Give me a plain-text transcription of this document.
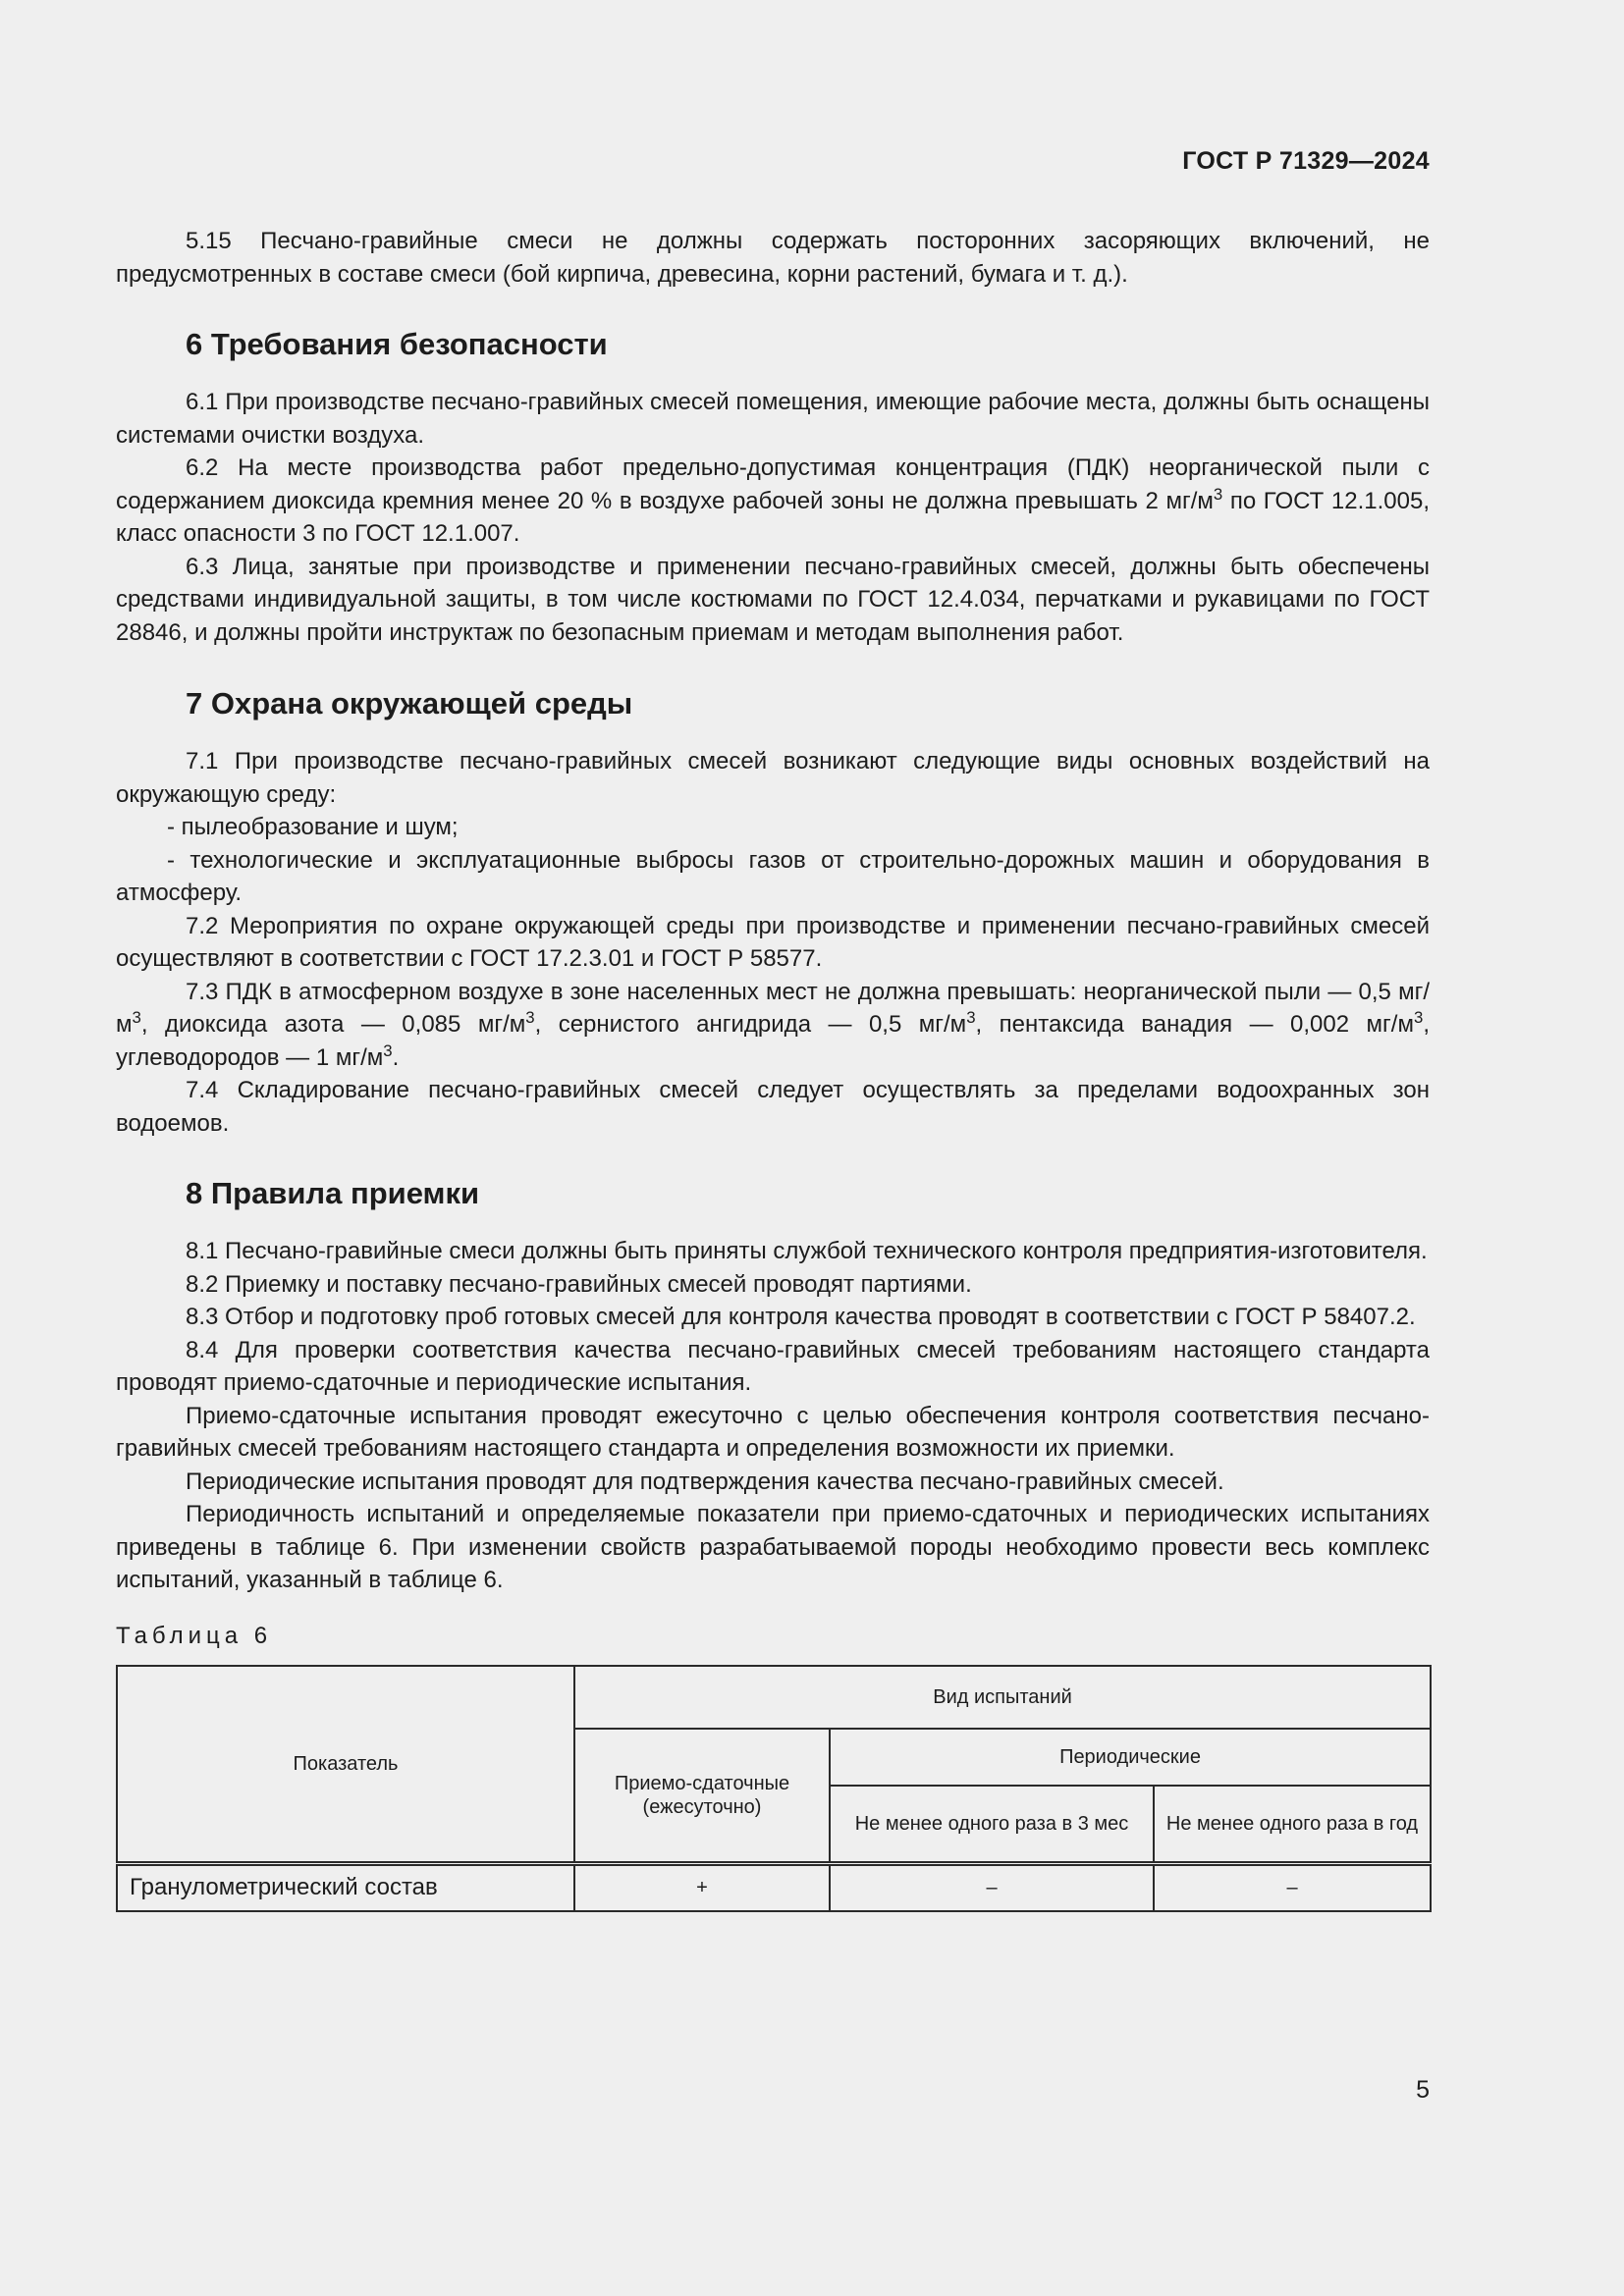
ГОСТ Р 71329—2024

5.15 Песчано-гравийные смеси не должны содержать посторонних засоряющих включений, не предусмотренных в составе смеси (бой кирпича, древесина, корни растений, бумага и т. д.).

6 Требования безопасности

6.1 При производстве песчано-гравийных смесей помещения, имеющие рабочие места, должны быть оснащены системами очистки воздуха.

6.2 На месте производства работ предельно-допустимая концентрация (ПДК) неорганической пыли с содержанием диоксида кремния менее 20 % в воздухе рабочей зоны не должна превышать 2 $мг/м^3$ по ГОСТ 12.1.005, класс опасности 3 по ГОСТ 12.1.007.

6.3 Лица, занятые при производстве и применении песчано-гравийных смесей, должны быть обеспечены средствами индивидуальной защиты, в том числе костюмами по ГОСТ 12.4.034, перчатками и рукавицами по ГОСТ 28846, и должны пройти инструктаж по безопасным приемам и методам выполнения работ.

7 Охрана окружающей среды

7.1 При производстве песчано-гравийных смесей возникают следующие виды основных воздействий на окружающую среду:

- пылеобразование и шум;

- технологические и эксплуатационные выбросы газов от строительно-дорожных машин и оборудования в атмосферу.

7.2 Мероприятия по охране окружающей среды при производстве и применении песчано-гравийных смесей осуществляют в соответствии с ГОСТ 17.2.3.01 и ГОСТ Р 58577.

7.3 ПДК в атмосферном воздухе в зоне населенных мест не должна превышать: неорганической пыли — 0,5 $мг/м^3$, диоксида азота — 0,085 $мг/м^3$, сернистого ангидрида — 0,5 $мг/м^3$, пентаксида ванадия — 0,002 $мг/м^3$, углеводородов — 1 $мг/м^3$.

7.4 Складирование песчано-гравийных смесей следует осуществлять за пределами водоохранных зон водоемов.

8 Правила приемки

8.1 Песчано-гравийные смеси должны быть приняты службой технического контроля предприятия-изготовителя.

8.2 Приемку и поставку песчано-гравийных смесей проводят партиями.

8.3 Отбор и подготовку проб готовых смесей для контроля качества проводят в соответствии с ГОСТ Р 58407.2.

8.4 Для проверки соответствия качества песчано-гравийных смесей требованиям настоящего стандарта проводят приемо-сдаточные и периодические испытания.

Приемо-сдаточные испытания проводят ежесуточно с целью обеспечения контроля соответствия песчано-гравийных смесей требованиям настоящего стандарта и определения возможности их приемки.

Периодические испытания проводят для подтверждения качества песчано-гравийных смесей.

Периодичность испытаний и определяемые показатели при приемо-сдаточных и периодических испытаниях приведены в таблице 6. При изменении свойств разрабатываемой породы необходимо провести весь комплекс испытаний, указанный в таблице 6.

Таблица 6
Показатель	Вид испытаний		
	Приемо-сдаточные (ежесуточно)	Периодические	
		Не менее одного раза в 3 мес	Не менее одного раза в год
Гранулометрический состав	+	–	–
5
